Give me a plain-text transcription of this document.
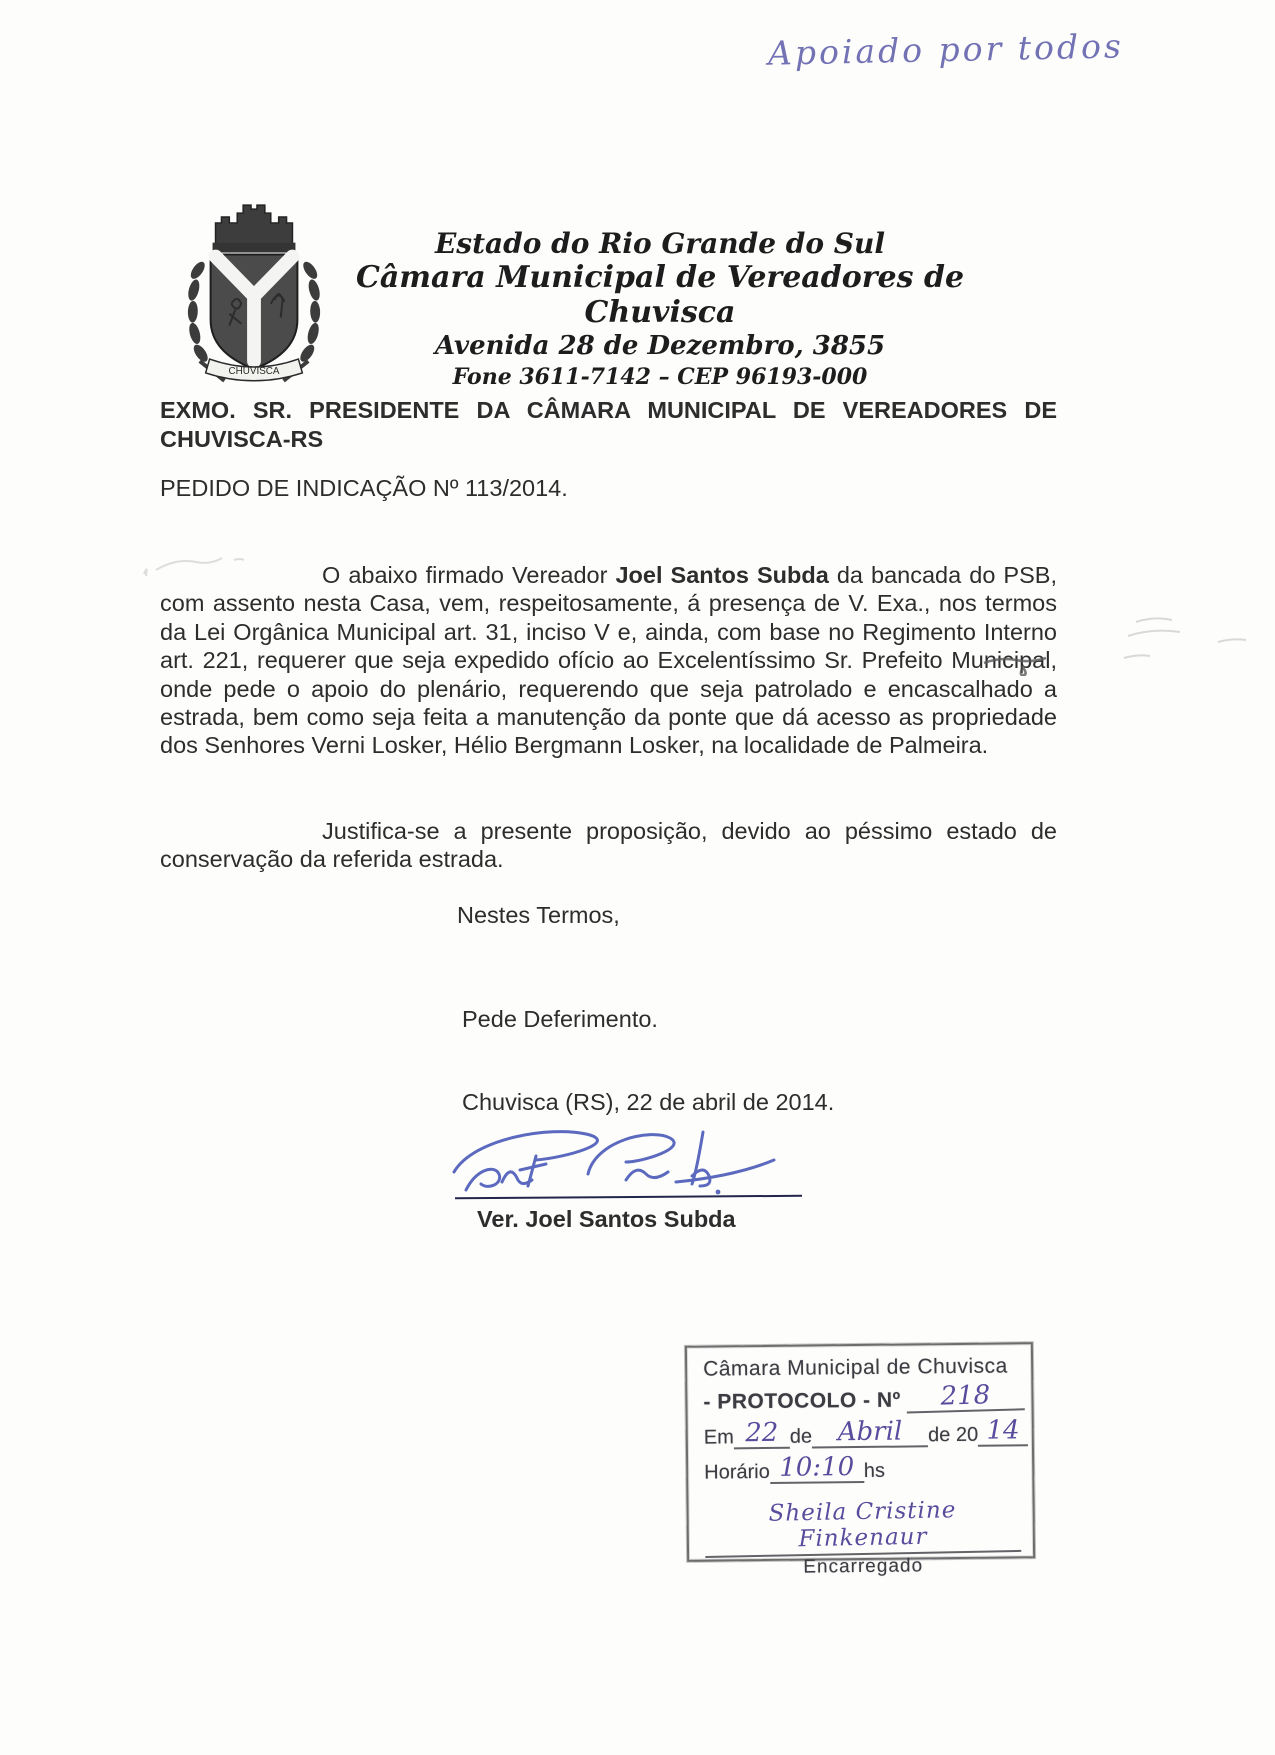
Apoiado por todos
CHUVISCA
Estado do Rio Grande do Sul
Câmara Municipal de Vereadores de Chuvisca
Avenida 28 de Dezembro, 3855
Fone 3611-7142 – CEP 96193-000
EXMO. SR. PRESIDENTE DA CÂMARA MUNICIPAL DE VEREADORES DE
CHUVISCA-RS
PEDIDO DE INDICAÇÃO Nº 113/2014.
O abaixo firmado Vereador Joel Santos Subda da bancada do PSB, com assento nesta Casa, vem, respeitosamente, á presença de V. Exa., nos termos da Lei Orgânica Municipal art. 31, inciso V e, ainda, com base no Regimento Interno art. 221, requerer que seja expedido ofício ao Excelentíssimo Sr. Prefeito Municipal, onde pede o apoio do plenário, requerendo que seja patrolado e encascalhado a estrada, bem como seja feita a manutenção da ponte que dá acesso as propriedade dos Senhores Verni Losker, Hélio Bergmann Losker, na localidade de Palmeira.
Justifica-se a presente proposição, devido ao péssimo estado de conservação da referida estrada.
Nestes Termos,
Pede Deferimento.
Chuvisca (RS), 22 de abril de 2014.
Ver. Joel Santos Subda
Câmara Municipal de Chuvisca
- PROTOCOLO - Nº	218
Em 22 de Abril	de 20 14
Horário 10:10 hs
Sheila Cristine Finkenaur
Encarregado
